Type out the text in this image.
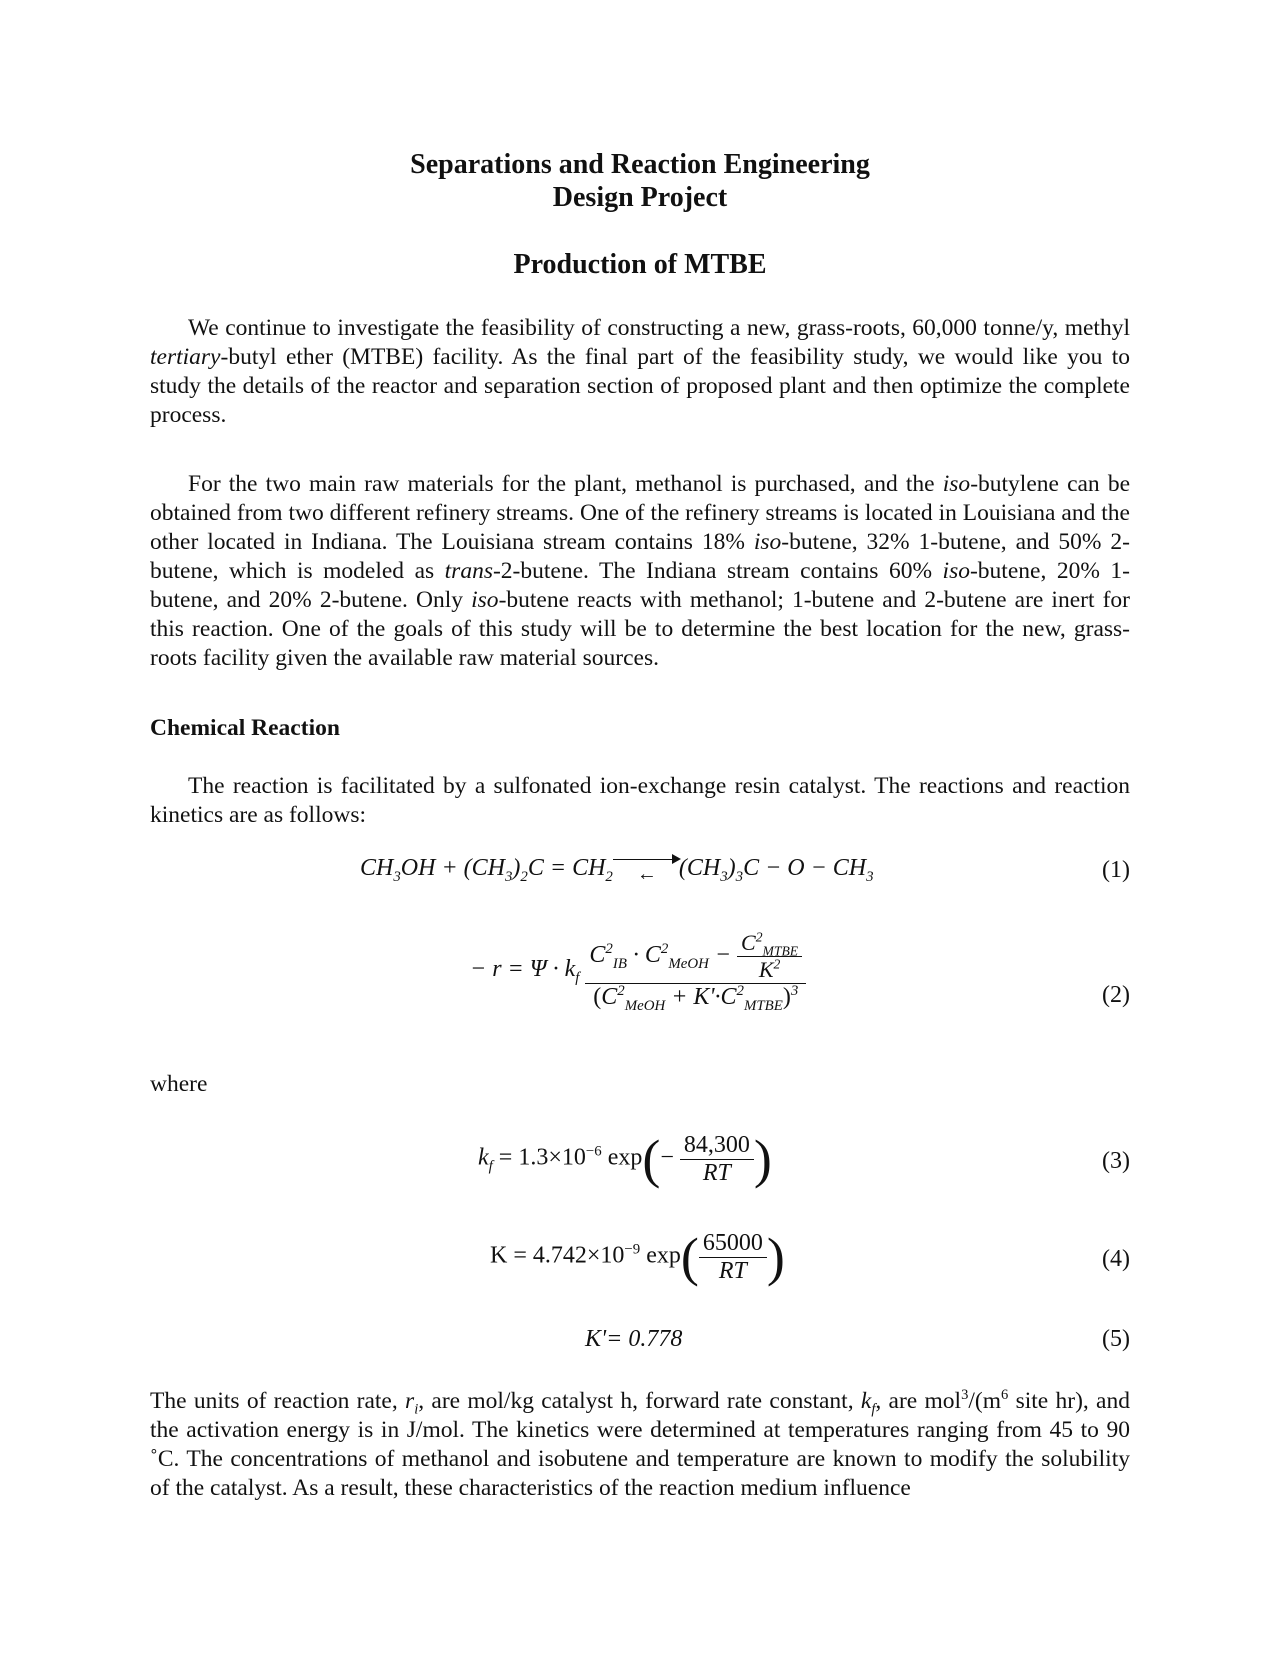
Separations and Reaction Engineering
Design Project
Production of MTBE

We continue to investigate the feasibility of constructing a new, grass-roots, 60,000 tonne/y, methyl tertiary-butyl ether (MTBE) facility. As the final part of the feasibility study, we would like you to study the details of the reactor and separation section of proposed plant and then optimize the complete process.

For the two main raw materials for the plant, methanol is purchased, and the iso-butylene can be obtained from two different refinery streams. One of the refinery streams is located in Louisiana and the other located in Indiana. The Louisiana stream contains 18% iso-butene, 32% 1-butene, and 50% 2-butene, which is modeled as trans-2-butene. The Indiana stream contains 60% iso-butene, 20% 1-butene, and 20% 2-butene. Only iso-butene reacts with methanol; 1-butene and 2-butene are inert for this reaction. One of the goals of this study will be to determine the best location for the new, grass-roots facility given the available raw material sources.

Chemical Reaction

The reaction is facilitated by a sulfonated ion-exchange resin catalyst. The reactions and reaction kinetics are as follows:

$CH_3OH + (CH_3)_2C = CH_2$ ← $(CH_3)_3C - O - CH_3$	(1)
− $r = \Psi \cdot k_f \frac{C^2_{IB} \cdot C^2_{MeOH} - \frac{C^2_{MTBE}}{K^2}}{(C^2_{MeOH} + K'\cdot C^2_{MTBE})^3}$	(2)
where
$k_f = 1.3\times 10^{-6}$ $\exp(- \frac{84,300}{RT}$ )	(3)
$K = 4.742\times 10^{-9}$ $\exp( \frac{65000}{RT}$ )	(4)
K'= 0.778	(5)

The units of reaction rate, $r_i$, are mol/kg catalyst h, forward rate constant, $k_f$, are $mol^3/(m^6$ site hr), and the activation energy is in J/mol. The kinetics were determined at temperatures ranging from 45 to 90 ˚C. The concentrations of methanol and isobutene and temperature are known to modify the solubility of the catalyst. As a result, these characteristics of the reaction medium influence
